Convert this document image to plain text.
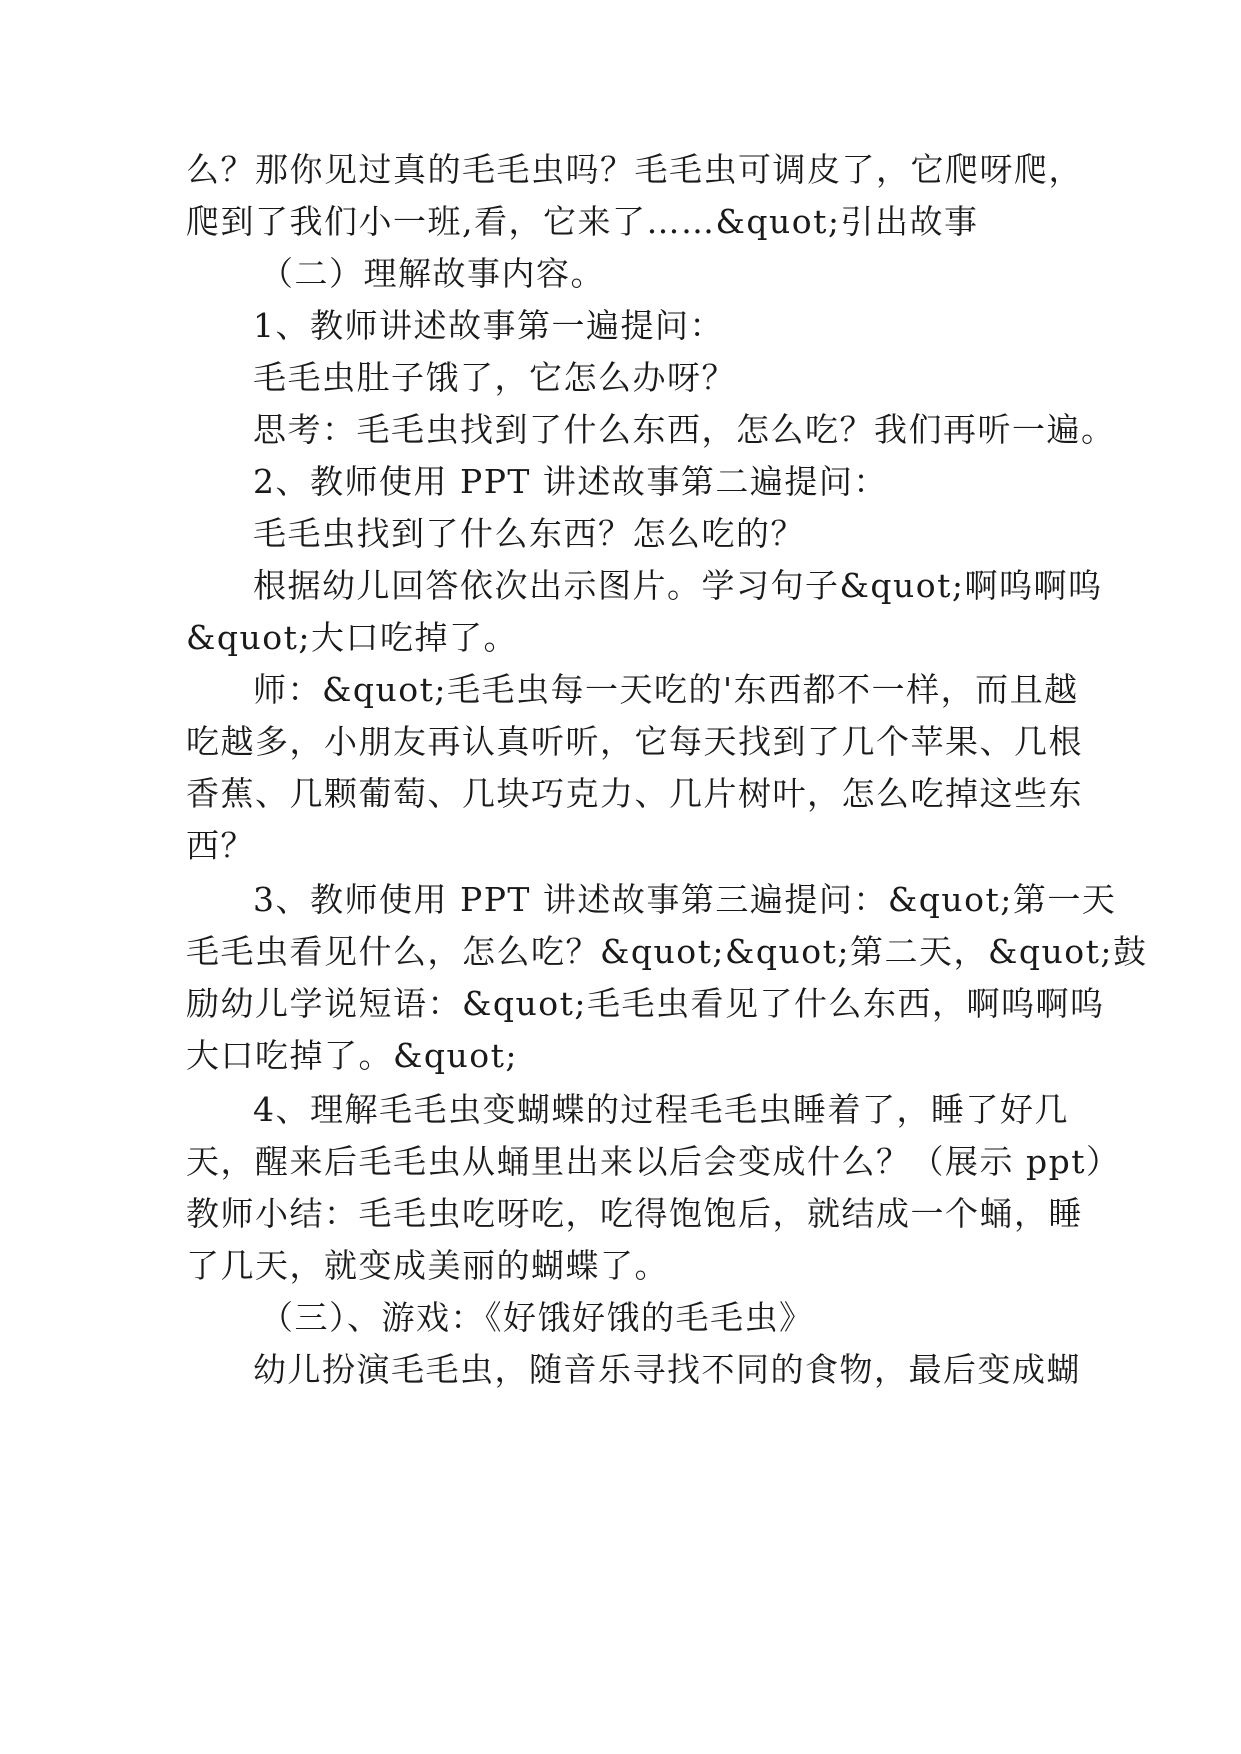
么？那你见过真的毛毛虫吗？毛毛虫可调皮了，它爬呀爬，
爬到了我们小一班,看，它来了……&quot;引出故事
（二）理解故事内容。
1、教师讲述故事第一遍提问：
毛毛虫肚子饿了，它怎么办呀？
思考：毛毛虫找到了什么东西，怎么吃？我们再听一遍。
2、教师使用 PPT 讲述故事第二遍提问：
毛毛虫找到了什么东西？怎么吃的？
根据幼儿回答依次出示图片。学习句子&quot;啊呜啊呜
&quot;大口吃掉了。
师：&quot;毛毛虫每一天吃的'东西都不一样，而且越
吃越多，小朋友再认真听听，它每天找到了几个苹果、几根
香蕉、几颗葡萄、几块巧克力、几片树叶，怎么吃掉这些东
西？
3、教师使用 PPT 讲述故事第三遍提问：&quot;第一天
毛毛虫看见什么，怎么吃？&quot;&quot;第二天，&quot;鼓
励幼儿学说短语：&quot;毛毛虫看见了什么东西，啊呜啊呜
大口吃掉了。&quot;
4、理解毛毛虫变蝴蝶的过程毛毛虫睡着了，睡了好几
天，醒来后毛毛虫从蛹里出来以后会变成什么？（展示 ppt）
教师小结：毛毛虫吃呀吃，吃得饱饱后，就结成一个蛹，睡
了几天，就变成美丽的蝴蝶了。
（三）、游戏：《好饿好饿的毛毛虫》
幼儿扮演毛毛虫，随音乐寻找不同的食物，最后变成蝴
